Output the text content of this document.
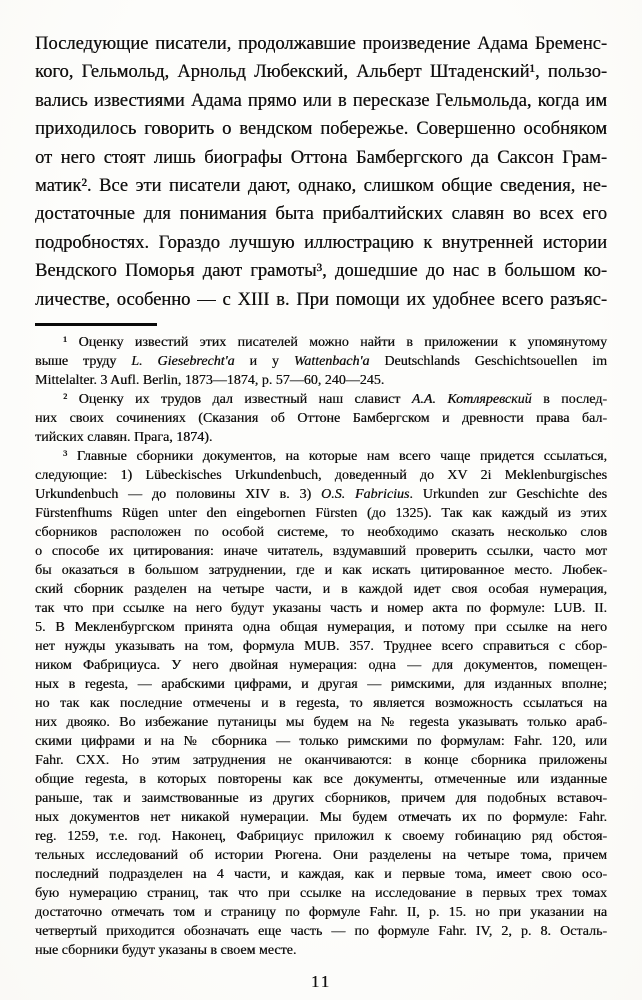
Последующие писатели, продолжавшие произведение Адама Бременс-
кого, Гельмольд, Арнольд Любекский, Альберт Штаденский¹, пользо-
вались известиями Адама прямо или в пересказе Гельмольда, когда им
приходилось говорить о вендском побережье. Совершенно особняком
от него стоят лишь биографы Оттона Бамбергского да Саксон Грам-
матик². Все эти писатели дают, однако, слишком общие сведения, не-
достаточные для понимания быта прибалтийских славян во всех его
подробностях. Гораздо лучшую иллюстрацию к внутренней истории
Вендского Поморья дают грамоты³, дошедшие до нас в большом ко-
личестве, особенно — с XIII в. При помощи их удобнее всего разъяс-
¹ Оценку известий этих писателей можно найти в приложении к упомянутому
выше труду L. Giesebrecht'a и у Wattenbach'a Deutschlands Geschichtsouellen im
Mittelalter. 3 Aufl. Berlin, 1873—1874, p. 57—60, 240—245.
² Оценку их трудов дал известный наш славист А.А. Котляревский в послед-
них своих сочинениях (Сказания об Оттоне Бамбергском и древности права бал-
тийских славян. Прага, 1874).
³ Главные сборники документов, на которые нам всего чаще придется ссылаться,
следующие: 1) Lübeckisches Urkundenbuch, доведенный до XV 2i Meklenburgisches
Urkundenbuch — до половины XIV в. 3) O.S. Fabricius. Urkunden zur Geschichte des
Fürstenfhums Rügen unter den eingebornen Fürsten (до 1325). Так как каждый из этих
сборников расположен по особой системе, то необходимо сказать несколько слов
о способе их цитирования: иначе читатель, вздумавший проверить ссылки, часто мот
бы оказаться в большом затруднении, где и как искать цитированное место. Любек-
ский сборник разделен на четыре части, и в каждой идет своя особая нумерация,
так что при ссылке на него будут указаны часть и номер акта по формуле: LUB. II.
5. В Мекленбургском принята одна общая нумерация, и потому при ссылке на него
нет нужды указывать на том, формула MUB. 357. Труднее всего справиться с сбор-
ником Фабрициуса. У него двойная нумерация: одна — для документов, помещен-
ных в regesta, — арабскими цифрами, и другая — римскими, для изданных вполне;
но так как последние отмечены и в regesta, то является возможность ссылаться на
них двояко. Во избежание путаницы мы будем на № regesta указывать только араб-
скими цифрами и на № сборника — только римскими по формулам: Fahr. 120, или
Fahr. CXX. Но этим затруднения не оканчиваются: в конце сборника приложены
общие regesta, в которых повторены как все документы, отмеченные или изданные
раньше, так и заимствованные из других сборников, причем для подобных вставоч-
ных документов нет никакой нумерации. Мы будем отмечать их по формуле: Fahr.
reg. 1259, т.е. год. Наконец, Фабрициус приложил к своему гобинацию ряд обстоя-
тельных исследований об истории Рюгена. Они разделены на четыре тома, причем
последний подразделен на 4 части, и каждая, как и первые тома, имеет свою осо-
бую нумерацию страниц, так что при ссылке на исследование в первых трех томах
достаточно отмечать том и страницу по формуле Fahr. II, p. 15. но при указании на
четвертый приходится обозначать еще часть — по формуле Fahr. IV, 2, p. 8. Осталь-
ные сборники будут указаны в своем месте.
11
